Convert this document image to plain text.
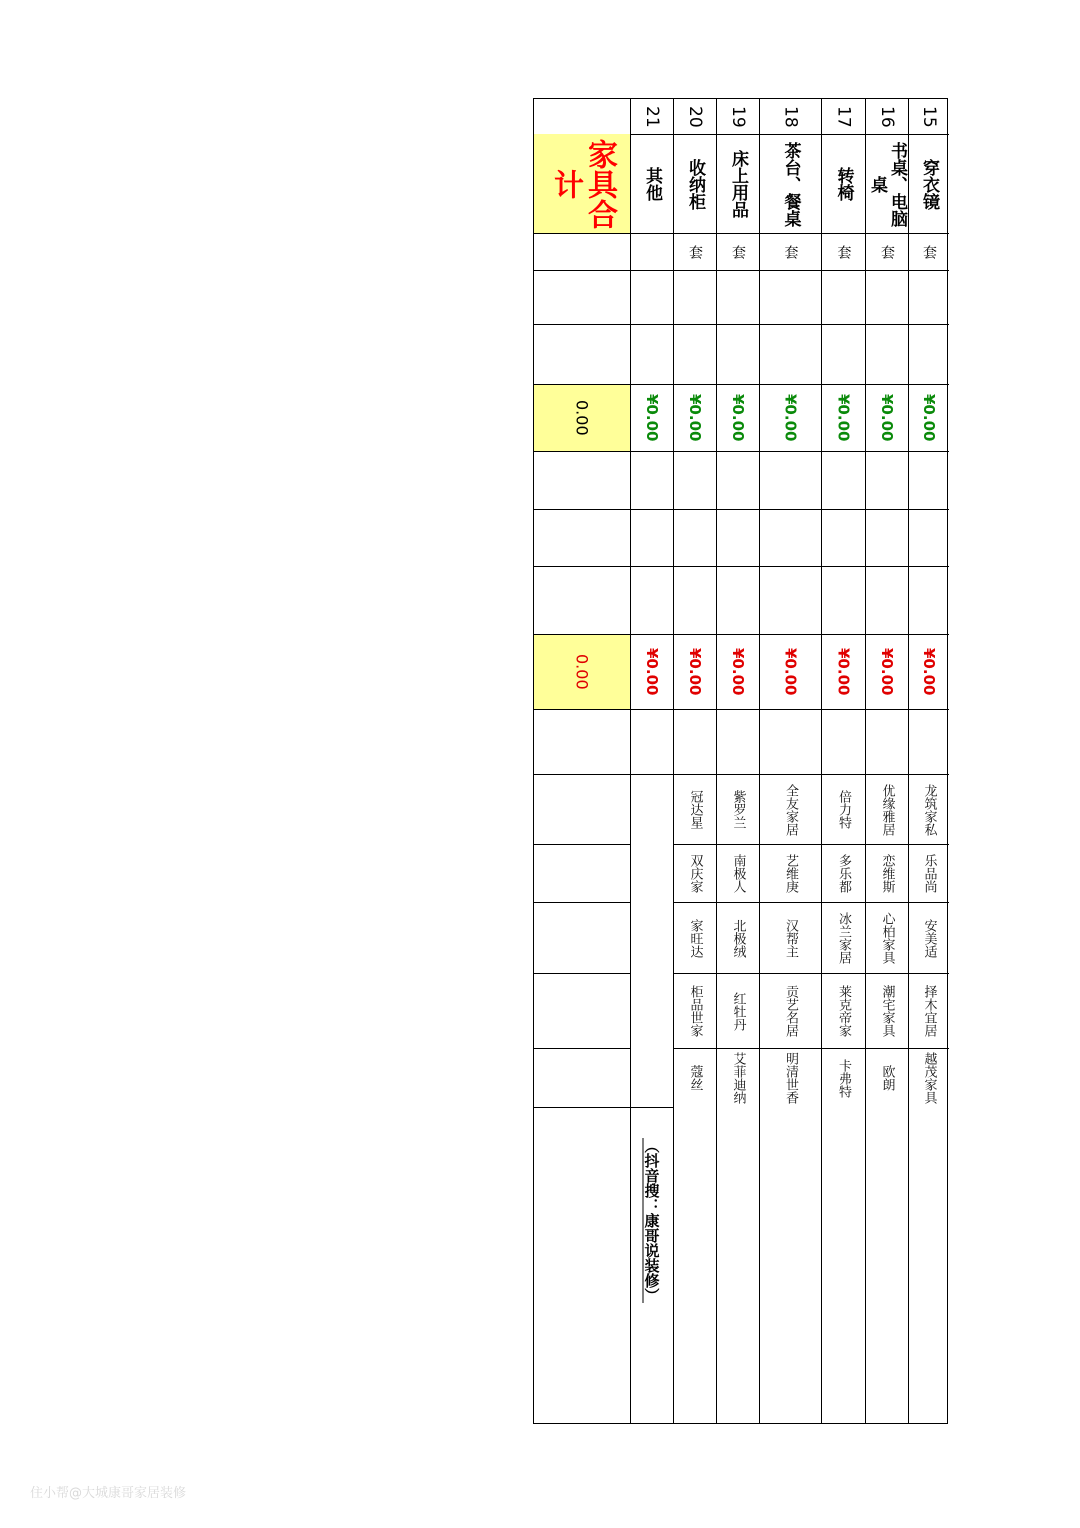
15
穿衣镜
套
¥0.00
¥0.00
龙筑家私
乐品尚
安美适
择木宜居
越茂家具
16
书桌、电脑桌
套
¥0.00
¥0.00
优缘雅居
恋维斯
心柏家具
潮宅家具
欧朗
17
转椅
套
¥0.00
¥0.00
倍力特
多乐都
冰兰家居
莱克帝家
卡弗特
18
茶台、餐桌
套
¥0.00
¥0.00
全友家居
艺维庚
汉帮主
贡艺名居
明清世香
19
床上用品
套
¥0.00
¥0.00
紫罗兰
南极人
北极绒
红牡丹
艾菲迪纳
20
收纳柜
套
¥0.00
¥0.00
冠达星
双庆家
家旺达
柜品世家
蔻丝
21
其他
¥0.00
¥0.00
（抖音搜：康哥说装修）
家具合计
0.00
0.00
住小帮@大城康哥家居装修
